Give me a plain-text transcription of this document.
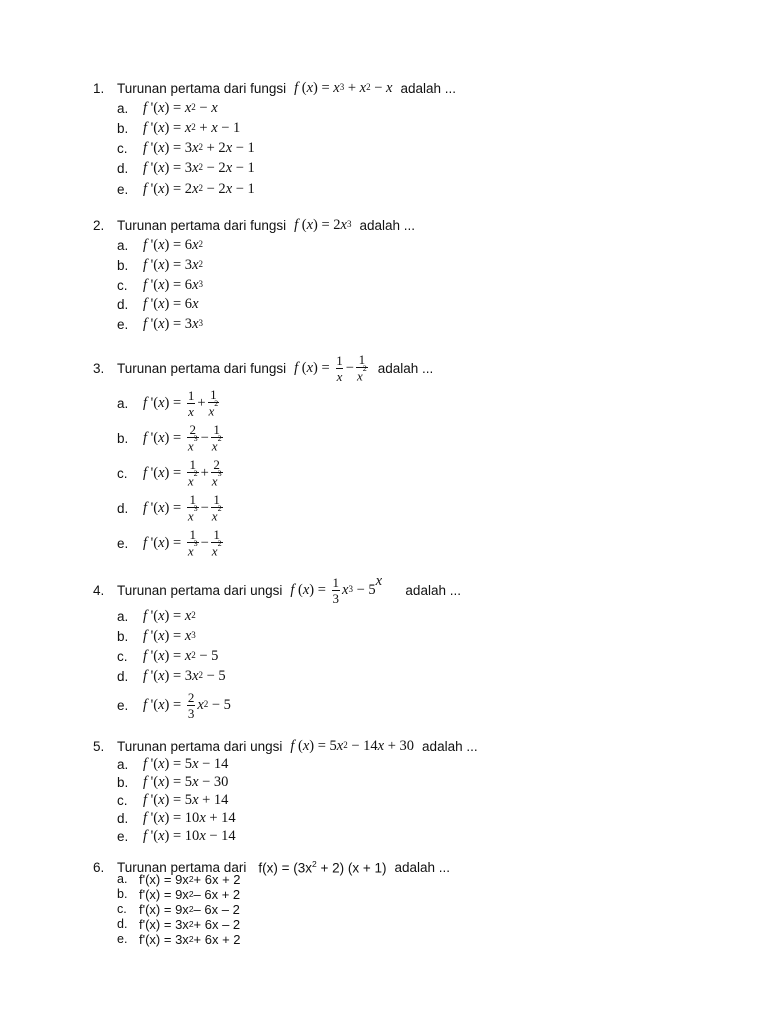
1. Turunan pertama dari fungsi f ( x ) = $x^3 + x^2 - x$ adalah ...
a. f '( x ) = $x^2 - x$
b. f '( x ) = $x^2 + x - 1$
c. f '( x ) = 3 $x^2 + 2$ x − 1
d. f '( x ) = 3 $x^2 - 2$ x − 1
e. f '( x ) = 2 $x^2 - 2$ x − 1
2. Turunan pertama dari fungsi f ( x ) = 2 $x^3$ adalah ...
a. f '( x ) = 6 $x^2$
b. f '( x ) = 3 $x^2$
c. f '( x ) = 6 $x^3$
d. f '( x ) = 6 x
e. f '( x ) = 3 $x^3$
3. Turunan pertama dari fungsi f ( x ) = $\frac{1}{x} - \frac{1}{x^2}$ adalah ...
a. f '( x ) = $\frac{1}{x} + \frac{1}{x^2}$
b. f '( x ) = $\frac{2}{x^3} - \frac{1}{x^2}$
c. f '( x ) = $\frac{1}{x^2} + \frac{2}{x^3}$
d. f '( x ) = $\frac{1}{x^3} - \frac{1}{x^2}$
e. f '( x ) = $\frac{1}{x^3} - \frac{1}{x^2}$
4. Turunan pertama dari ungsi f ( x ) = $\frac{1}{3} x^3 - 5$
x

adalah ...
a. f '( x ) = $x^2$
b. f '( x ) = $x^3$
c. f '( x ) = $x^2 - 5$
d. f '( x ) = 3 $x^2 - 5$
e. f '( x ) = $\frac{2}{3} x^2 - 5$
5. Turunan pertama dari ungsi f ( x ) = 5 $x^2 - 14$ x + 30 adalah ...
a. f '( x ) = 5 x − 14
b. f '( x ) = 5 x − 30
c. f '( x ) = 5 x + 14
d. f '( x ) = 10 x + 14
e. f '( x ) = 10 x − 14
6. Turunan pertama dari $f(x) = (3x^2 + 2) (x + 1)$ adalah ...
a. f'(x) = 9x 2 + 6x + 2
b. f'(x) = 9x 2 – 6x + 2
c. f'(x) = 9x 2 – 6x – 2
d. f'(x) = 3x 2 + 6x – 2
e. f'(x) = 3x 2 + 6x + 2
